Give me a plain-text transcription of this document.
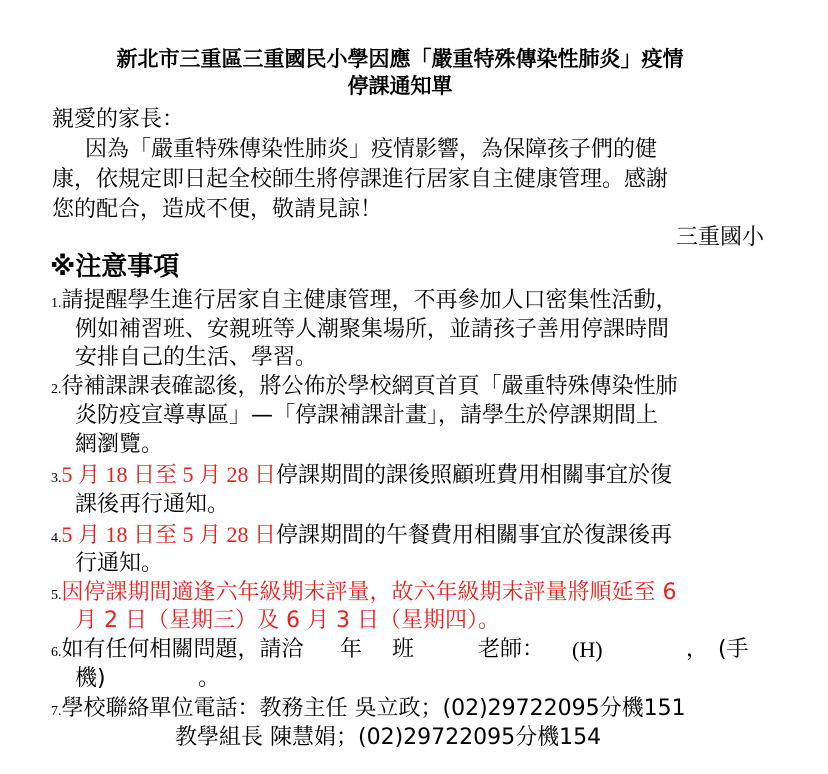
新北市三重區三重國民小學因應「嚴重特殊傳染性肺炎」疫情
停課通知單
親愛的家長：
因為「嚴重特殊傳染性肺炎」疫情影響，為保障孩子們的健
康，依規定即日起全校師生將停課進行居家自主健康管理。感謝
您的配合，造成不便，敬請見諒！
三重國小
※注意事項
1.請提醒學生進行居家自主健康管理，不再參加人口密集性活動，
例如補習班、安親班等人潮聚集場所，並請孩子善用停課時間
安排自己的生活、學習。
2.待補課課表確認後，將公佈於學校網頁首頁「嚴重特殊傳染性肺
炎防疫宣導專區」—「停課補課計畫」，請學生於停課期間上
網瀏覽。
3.5 月 18 日至 5 月 28 日停課期間的課後照顧班費用相關事宜於復
課後再行通知。
4.5 月 18 日至 5 月 28 日停課期間的午餐費用相關事宜於復課後再
行通知。
5.因停課期間適逢六年級期末評量，故六年級期末評量將順延至 6
月 2 日（星期三）及 6 月 3 日（星期四）。
6.如有任何相關問題，請洽 年 班	老師： (H)	， (手
機)	。
7.學校聯絡單位電話：教務主任 吳立政；(02)29722095分機151
教學組長 陳慧娟；(02)29722095分機154
